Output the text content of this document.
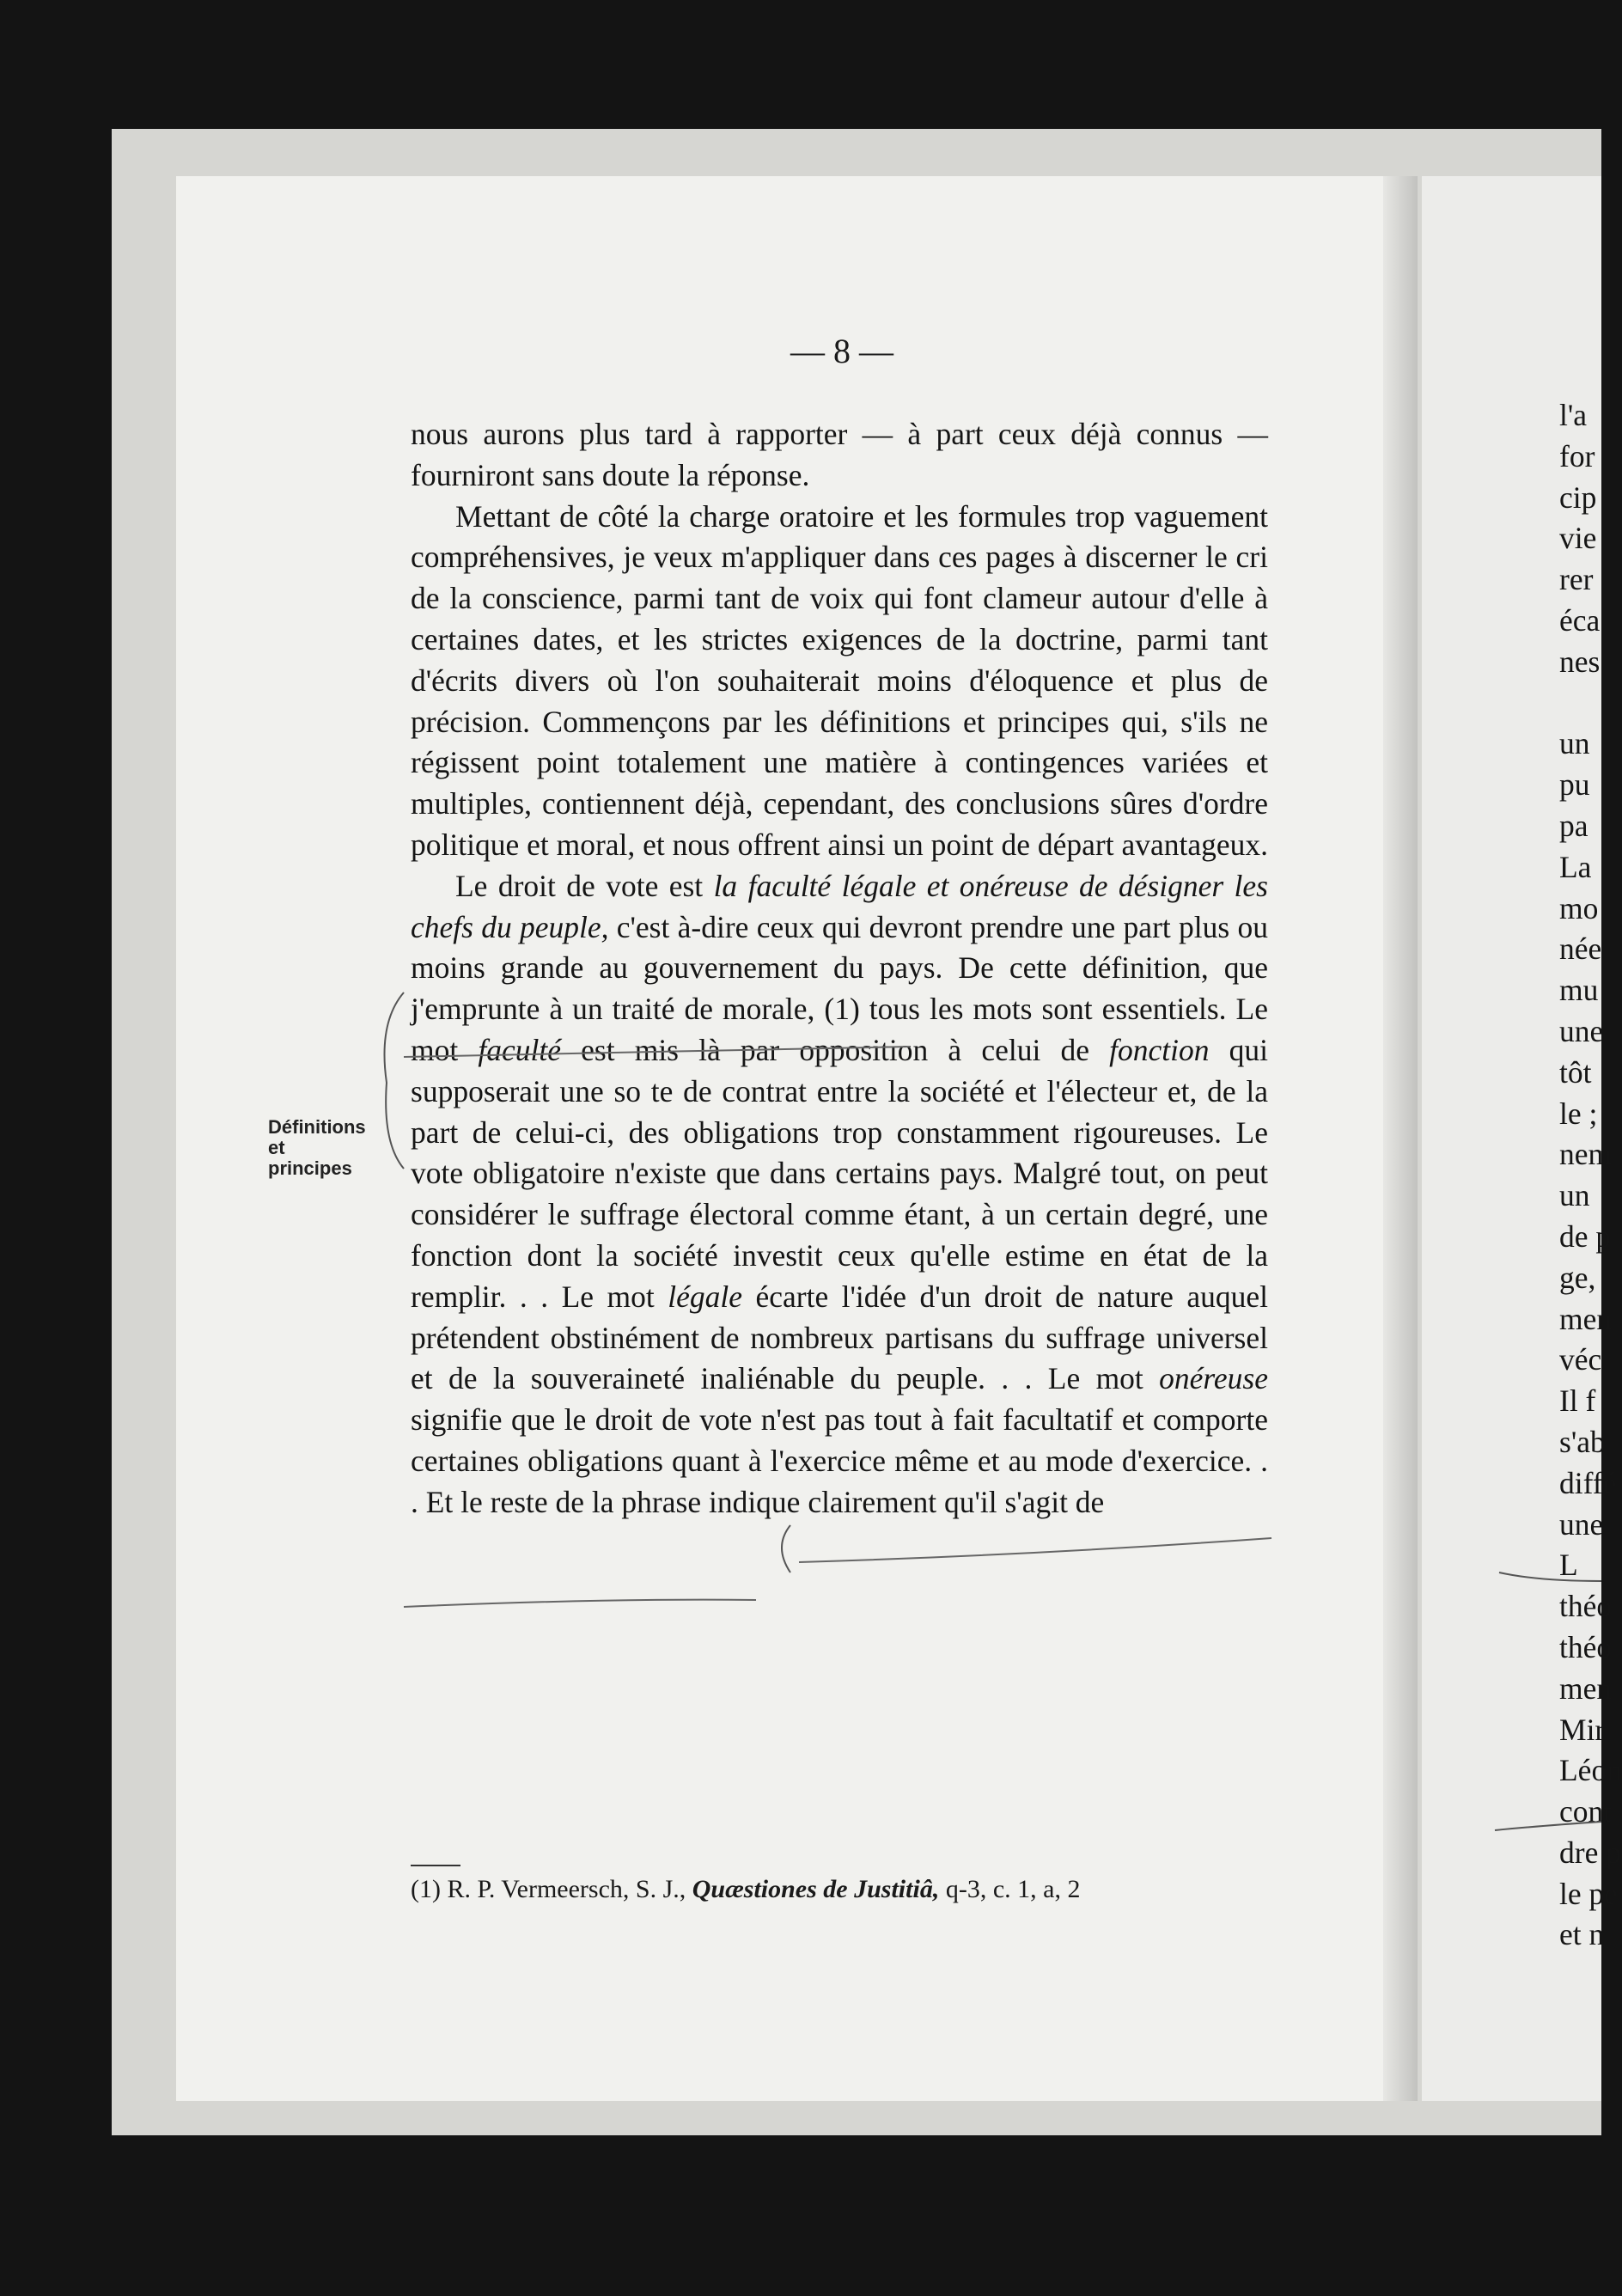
l'a
for
cip
vie
rer
éca
nes

un
pu
pa
La
mo
née
mu
une
tôt
le ;
nem
un
de p
ge,
men
véc
Il f
s'ab
diffé
une
L
théo
théo
men
Mir
Léon
cont
dre p
le pe
et n
— 8 —

nous aurons plus tard à rapporter — à part ceux déjà connus — fourniront sans doute la réponse.

Mettant de côté la charge oratoire et les formules trop vaguement compréhensives, je veux m'appliquer dans ces pages à discerner le cri de la conscience, parmi tant de voix qui font clameur autour d'elle à certaines dates, et les strictes exigences de la doctrine, parmi tant d'écrits divers où l'on souhaiterait moins d'éloquence et plus de précision. Commençons par les définitions et principes qui, s'ils ne régissent point totalement une matière à contingences variées et multiples, contiennent déjà, cependant, des conclusions sûres d'ordre politique et moral, et nous offrent ainsi un point de départ avantageux.

Le droit de vote est la faculté légale et onéreuse de désigner les chefs du peuple, c'est à-dire ceux qui devront prendre une part plus ou moins grande au gouvernement du pays. De cette définition, que j'emprunte à un traité de morale, (1) tous les mots sont essentiels. Le mot faculté est mis là par opposition à celui de fonction qui supposerait une so te de contrat entre la société et l'électeur et, de la part de celui-ci, des obligations trop constamment rigoureuses. Le vote obligatoire n'existe que dans certains pays. Malgré tout, on peut considérer le suffrage électoral comme étant, à un certain degré, une fonction dont la société investit ceux qu'elle estime en état de la remplir. . . Le mot légale écarte l'idée d'un droit de nature auquel prétendent obstinément de nombreux partisans du suffrage universel et de la souveraineté inaliénable du peuple. . . Le mot onéreuse signifie que le droit de vote n'est pas tout à fait facultatif et comporte certaines obligations quant à l'exercice même et au mode d'exercice. . . Et le reste de la phrase indique clairement qu'il s'agit de

Définitions
et
principes
(1) R. P. Vermeersch, S. J., Quæstiones de Justitiâ, q-3, c. 1, a, 2
